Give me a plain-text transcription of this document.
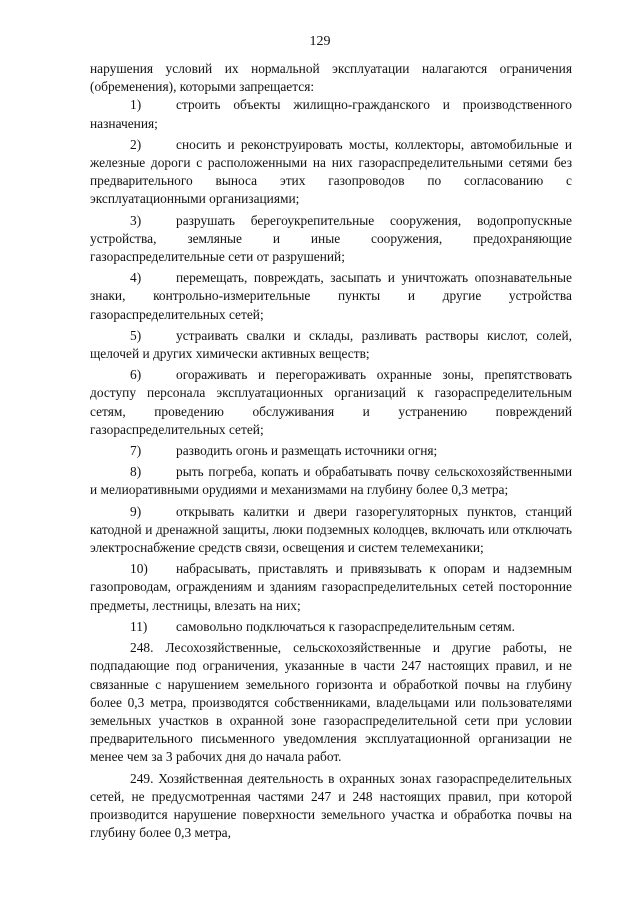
129

нарушения условий их нормальной эксплуатации налагаются ограничения (обременения), которыми запрещается:

1)	строить объекты жилищно-гражданского и производственного назначения;

2)	сносить и реконструировать мосты, коллекторы, автомобильные и железные дороги с расположенными на них газораспределительными сетями без предварительного выноса этих газопроводов по согласованию с эксплуатационными организациями;

3)	разрушать берегоукрепительные сооружения, водопропускные устройства, земляные и иные сооружения, предохраняющие газораспределительные сети от разрушений;

4)	перемещать, повреждать, засыпать и уничтожать опознавательные знаки, контрольно-измерительные пункты и другие устройства газораспределительных сетей;

5)	устраивать свалки и склады, разливать растворы кислот, солей, щелочей и других химически активных веществ;

6)	огораживать и перегораживать охранные зоны, препятствовать доступу персонала эксплуатационных организаций к газораспределительным сетям, проведению обслуживания и устранению повреждений газораспределительных сетей;

7)	разводить огонь и размещать источники огня;

8)	рыть погреба, копать и обрабатывать почву сельскохозяйственными и мелиоративными орудиями и механизмами на глубину более 0,3 метра;

9)	открывать калитки и двери газорегуляторных пунктов, станций катодной и дренажной защиты, люки подземных колодцев, включать или отключать электроснабжение средств связи, освещения и систем телемеханики;

10) набрасывать, приставлять и привязывать к опорам и надземным газопроводам, ограждениям и зданиям газораспределительных сетей посторонние предметы, лестницы, влезать на них;

11) самовольно подключаться к газораспределительным сетям.

248. Лесохозяйственные, сельскохозяйственные и другие работы, не подпадающие под ограничения, указанные в части 247 настоящих правил, и не связанные с нарушением земельного горизонта и обработкой почвы на глубину более 0,3 метра, производятся собственниками, владельцами или пользователями земельных участков в охранной зоне газораспределительной сети при условии предварительного письменного уведомления эксплуатационной организации не менее чем за 3 рабочих дня до начала работ.

249. Хозяйственная деятельность в охранных зонах газораспределительных сетей, не предусмотренная частями 247 и 248 настоящих правил, при которой производится нарушение поверхности земельного участка и обработка почвы на глубину более 0,3 метра,
